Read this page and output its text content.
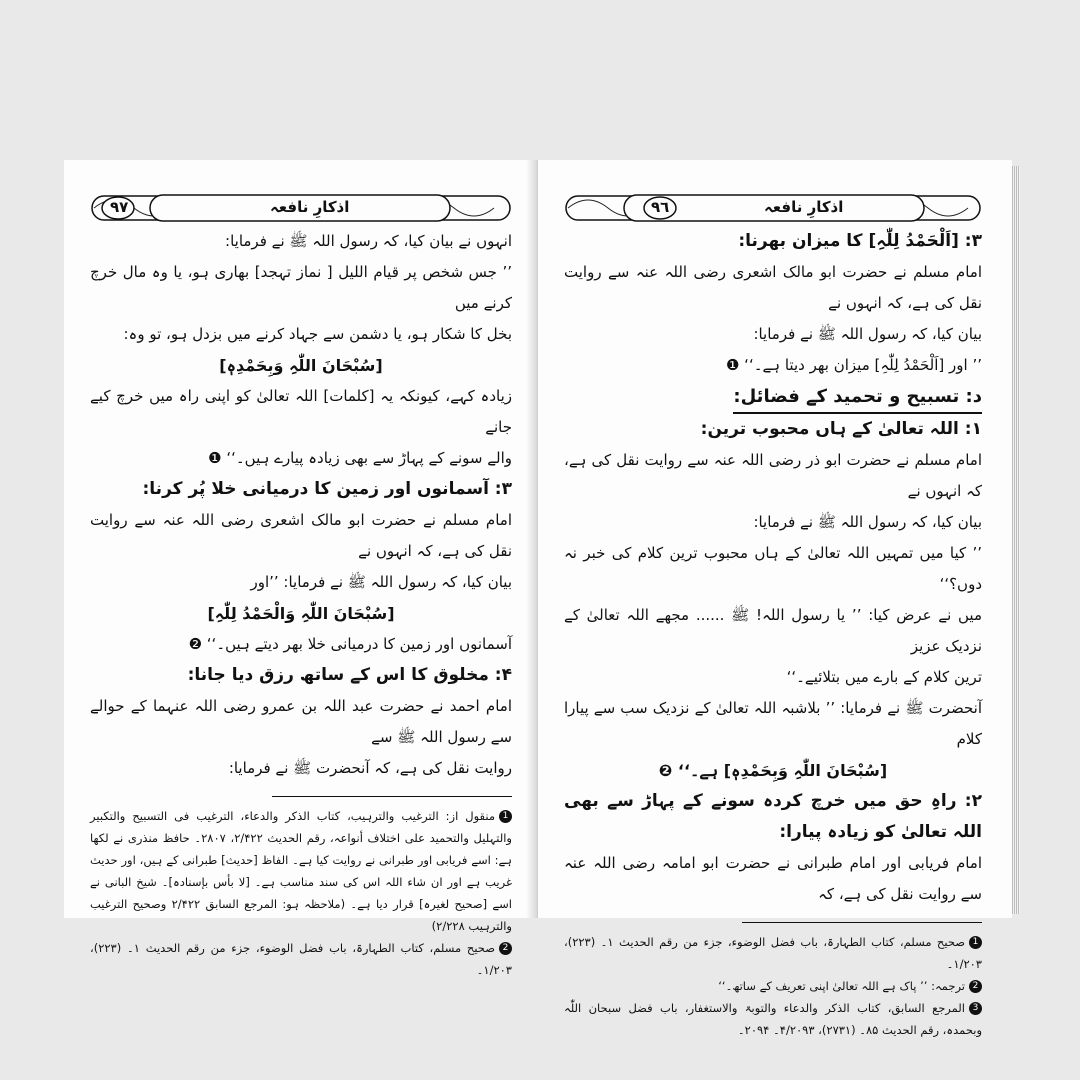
٩٧	اذکارِ نافعہ

انہوں نے بیان کیا، کہ رسول اللہ ﷺ نے فرمایا:

’’ جس شخص پر قیام اللیل [ نماز تہجد] بھاری ہو، یا وہ مال خرچ کرنے میں

بخل کا شکار ہو، یا دشمن سے جہاد کرنے میں بزدل ہو، تو وہ:

[سُبْحَانَ اللّٰہِ وَبِحَمْدِہٖ]

زیادہ کہے، کیونکہ یہ [کلمات] اللہ تعالیٰ کو اپنی راہ میں خرچ کیے جانے

والے سونے کے پہاڑ سے بھی زیادہ پیارے ہیں۔‘‘ ❶

۳: آسمانوں اور زمین کا درمیانی خلا پُر کرنا:

امام مسلم نے حضرت ابو مالک اشعری رضی اللہ عنہ سے روایت نقل کی ہے، کہ انہوں نے

بیان کیا، کہ رسول اللہ ﷺ نے فرمایا: ’’اور

[سُبْحَانَ اللّٰہِ وَالْحَمْدُ لِلّٰہِ]

آسمانوں اور زمین کا درمیانی خلا بھر دیتے ہیں۔‘‘ ❷

۴: مخلوق کا اس کے ساتھ رزق دیا جانا:

امام احمد نے حضرت عبد اللہ بن عمرو رضی اللہ عنہما کے حوالے سے رسول اللہ ﷺ سے

روایت نقل کی ہے، کہ آنحضرت ﷺ نے فرمایا:

1منقول از: الترغیب والترہیب، کتاب الذکر والدعاء، الترغیب فی التسبیح والتکبیر والتہلیل والتحمید علی اختلاف أنواعہ، رقم الحدیث ۲/۴۲۲، ۲۸۰۷۔ حافظ منذری نے لکھا ہے: اسے فریابی اور طبرانی نے روایت کیا ہے۔ الفاظ [حدیث] طبرانی کے ہیں، اور حدیث غریب ہے اور ان شاء اللہ اس کی سند مناسب ہے۔ [لا بأس بإسنادہ]۔ شیخ البانی نے اسے [صحیح لغیرہ] قرار دیا ہے۔ (ملاحظہ ہو: المرجع السابق ۲/۴۲۲ وصحیح الترغیب والترہیب ۲/۲۲۸)

2صحیح مسلم، کتاب الطہارۃ، باب فضل الوضوء، جزء من رقم الحدیث ۱۔ (۲۲۳)، ۱/۲۰۳۔

٩٦	اذکارِ نافعہ

۳: [اَلْحَمْدُ لِلّٰہِ] کا میزان بھرنا:

امام مسلم نے حضرت ابو مالک اشعری رضی اللہ عنہ سے روایت نقل کی ہے، کہ انہوں نے

بیان کیا، کہ رسول اللہ ﷺ نے فرمایا:

’’ اور [اَلْحَمْدُ لِلّٰہِ] میزان بھر دیتا ہے۔‘‘ ❶

د: تسبیح و تحمید کے فضائل:

۱: اللہ تعالیٰ کے ہاں محبوب ترین:

امام مسلم نے حضرت ابو ذر رضی اللہ عنہ سے روایت نقل کی ہے، کہ انہوں نے

بیان کیا، کہ رسول اللہ ﷺ نے فرمایا:

’’ کیا میں تمہیں اللہ تعالیٰ کے ہاں محبوب ترین کلام کی خبر نہ دوں؟‘‘

میں نے عرض کیا: ’’ یا رسول اللہ! ﷺ ...... مجھے اللہ تعالیٰ کے نزدیک عزیز

ترین کلام کے بارے میں بتلائیے۔‘‘

آنحضرت ﷺ نے فرمایا: ’’ بلاشبہ اللہ تعالیٰ کے نزدیک سب سے پیارا کلام

[سُبْحَانَ اللّٰہِ وَبِحَمْدِہٖ] ہے۔‘‘ ❷

۲: راہِ حق میں خرچ کردہ سونے کے پہاڑ سے بھی اللہ تعالیٰ کو زیادہ پیارا:

امام فریابی اور امام طبرانی نے حضرت ابو امامہ رضی اللہ عنہ سے روایت نقل کی ہے، کہ

1صحیح مسلم، کتاب الطہارۃ، باب فضل الوضوء، جزء من رقم الحدیث ۱۔ (۲۲۳)، ۱/۲۰۳۔

2ترجمہ: ’’ پاک ہے اللہ تعالیٰ اپنی تعریف کے ساتھ۔‘‘

3المرجع السابق، کتاب الذکر والدعاء والتوبۃ والاستغفار، باب فضل سبحان اللّٰہ وبحمدہ، رقم الحدیث ۸۵۔ (۲۷۳۱)، ۴/۲۰۹۳۔ ۲۰۹۴۔
